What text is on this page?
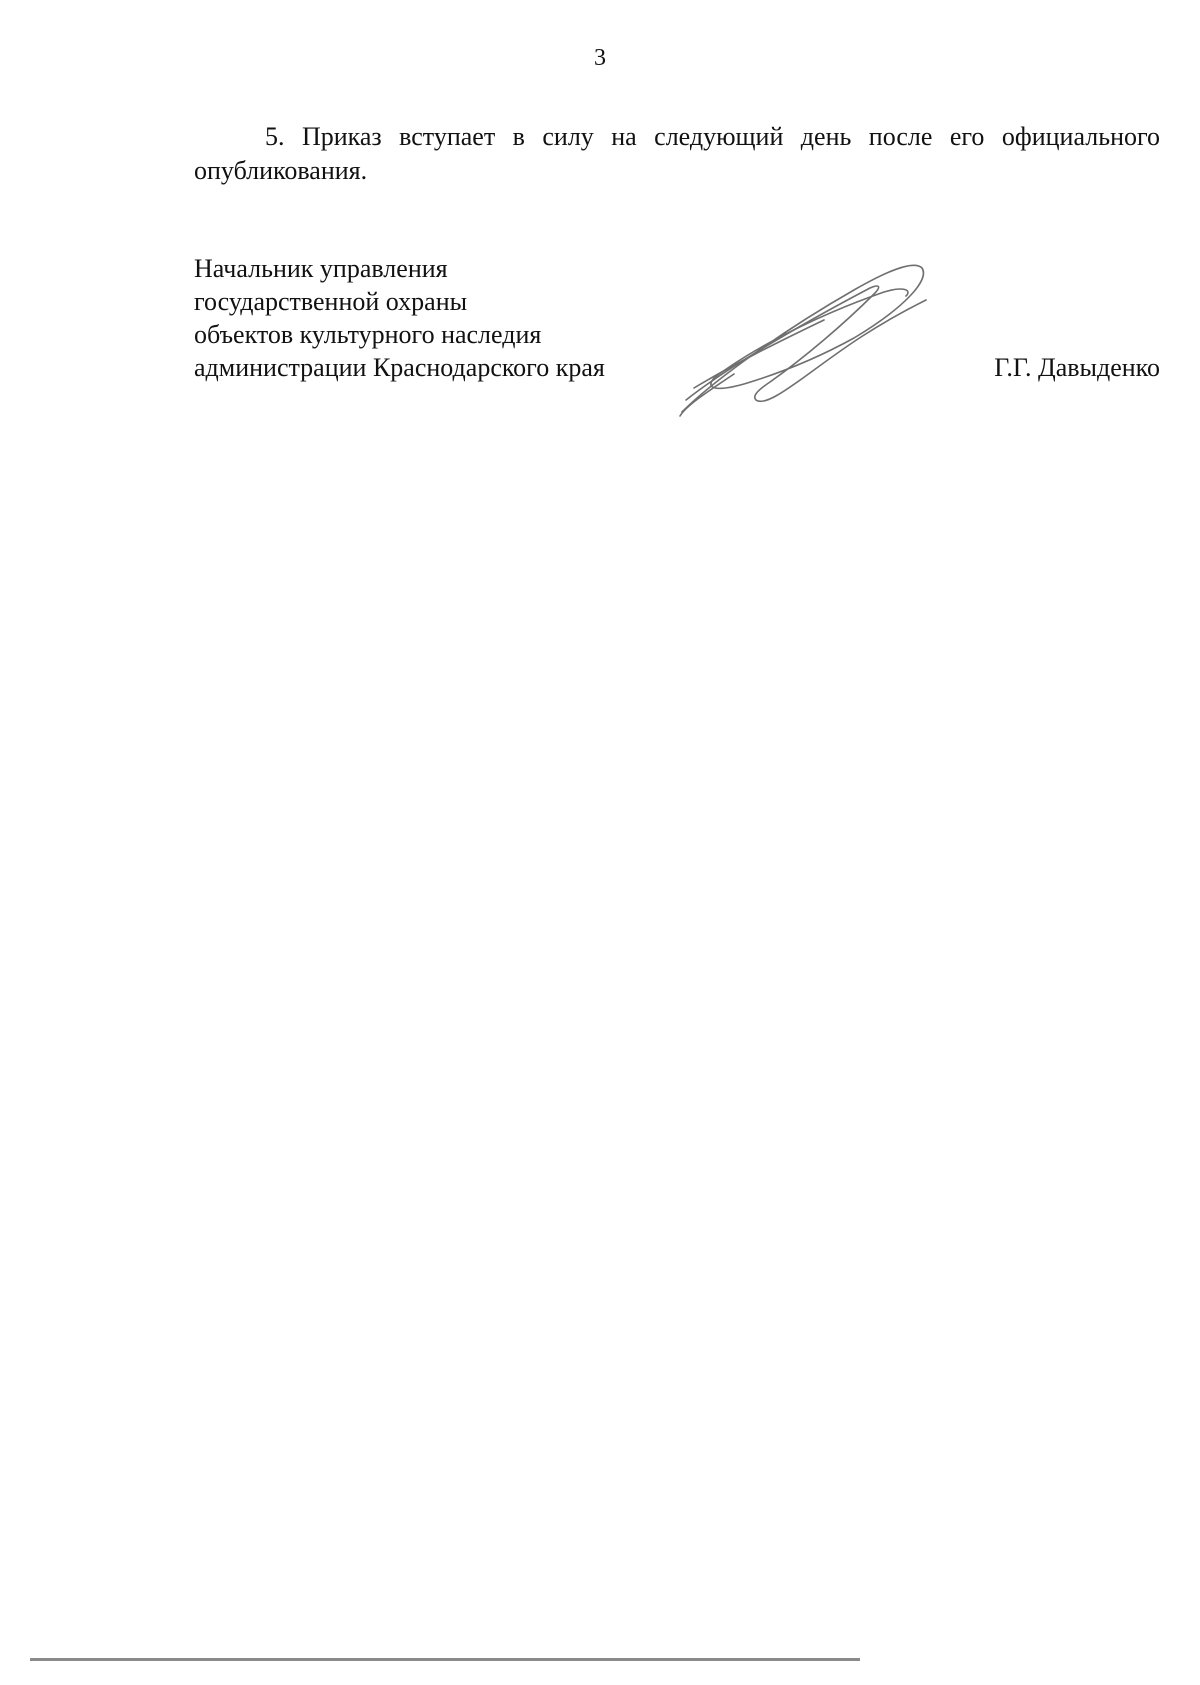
3

5. Приказ вступает в силу на следующий день после его официального опубликования.

Начальник управления
государственной охраны
объектов культурного наследия
администрации Краснодарского края	Г.Г. Давыденко
